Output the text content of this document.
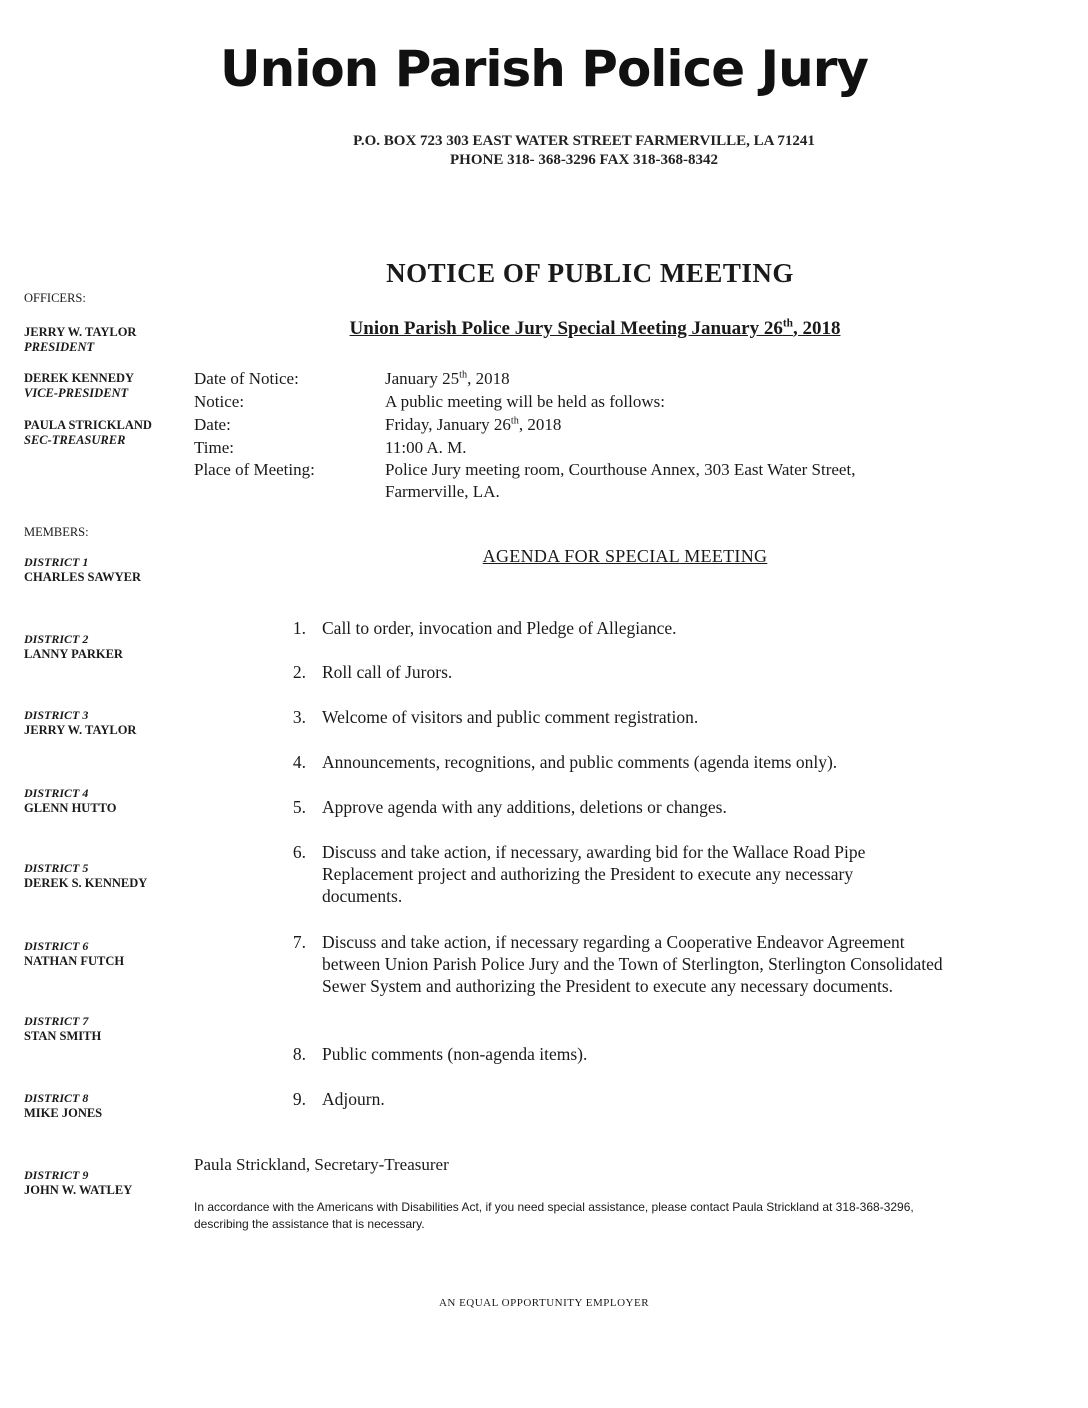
Union Parish Police Jury
P.O. BOX 723 303 EAST WATER STREET FARMERVILLE, LA 71241
PHONE 318- 368-3296 FAX 318-368-8342
NOTICE OF PUBLIC MEETING
Union Parish Police Jury Special Meeting January 26th, 2018
OFFICERS:
JERRY W. TAYLOR
PRESIDENT
DEREK KENNEDY
VICE-PRESIDENT
PAULA STRICKLAND
SEC-TREASURER
MEMBERS:
DISTRICT 1
CHARLES SAWYER
DISTRICT 2
LANNY PARKER
DISTRICT 3
JERRY W. TAYLOR
DISTRICT 4
GLENN HUTTO
DISTRICT 5
DEREK S. KENNEDY
DISTRICT 6
NATHAN FUTCH
DISTRICT 7
STAN SMITH
DISTRICT 8
MIKE JONES
DISTRICT 9
JOHN W. WATLEY
Date of Notice:	January 25th, 2018
Notice:	A public meeting will be held as follows:
Date:	Friday, January 26th, 2018
Time:	11:00 A. M.
Place of Meeting:	Police Jury meeting room, Courthouse Annex, 303 East Water Street, Farmerville, LA.
AGENDA FOR SPECIAL MEETING
1. Call to order, invocation and Pledge of Allegiance.
2. Roll call of Jurors.
3. Welcome of visitors and public comment registration.
4. Announcements, recognitions, and public comments (agenda items only).
5. Approve agenda with any additions, deletions or changes.
6. Discuss and take action, if necessary, awarding bid for the Wallace Road Pipe Replacement project and authorizing the President to execute any necessary documents.
7. Discuss and take action, if necessary regarding a Cooperative Endeavor Agreement between Union Parish Police Jury and the Town of Sterlington, Sterlington Consolidated Sewer System and authorizing the President to execute any necessary documents.
8. Public comments (non-agenda items).
9. Adjourn.
Paula Strickland, Secretary-Treasurer
In accordance with the Americans with Disabilities Act, if you need special assistance, please contact Paula Strickland at 318-368-3296, describing the assistance that is necessary.
AN EQUAL OPPORTUNITY EMPLOYER
